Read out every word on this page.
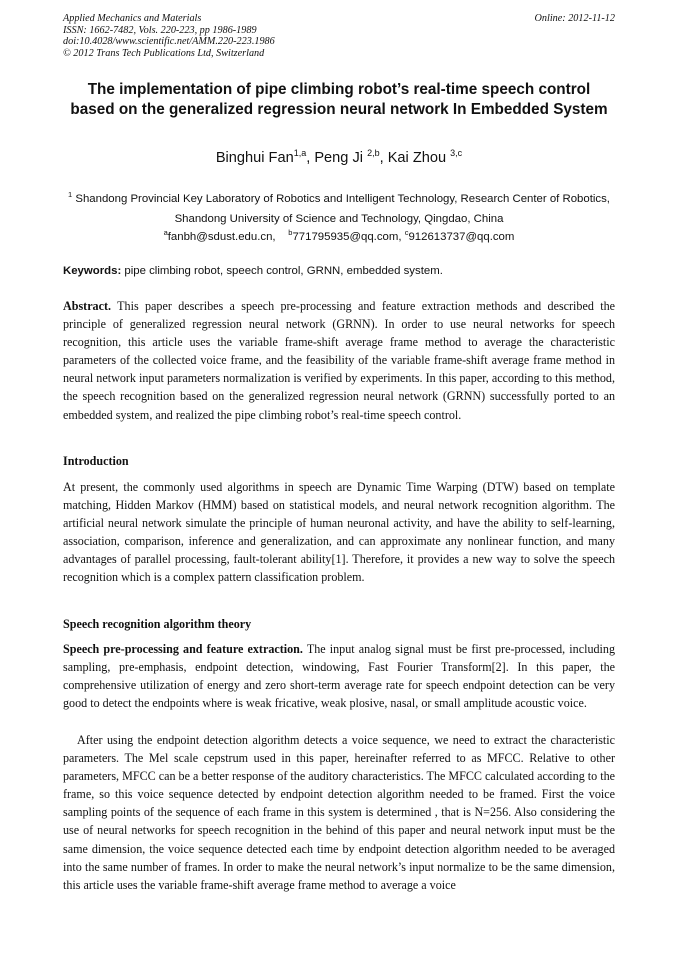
Applied Mechanics and Materials
ISSN: 1662-7482, Vols. 220-223, pp 1986-1989
doi:10.4028/www.scientific.net/AMM.220-223.1986
© 2012 Trans Tech Publications Ltd, Switzerland
Online: 2012-11-12
The implementation of pipe climbing robot’s real-time speech control based on the generalized regression neural network In Embedded System
Binghui Fan$^{1,a}$, Peng Ji $^{2,b}$, Kai Zhou $^{3,c}$
$^1$ Shandong Provincial Key Laboratory of Robotics and Intelligent Technology, Research Center of Robotics, Shandong University of Science and Technology, Qingdao, China
$^a$fanbh@sdust.edu.cn, $^b$771795935@qq.com, $^c$912613737@qq.com
Keywords: pipe climbing robot, speech control, GRNN, embedded system.
Abstract. This paper describes a speech pre-processing and feature extraction methods and described the principle of generalized regression neural network (GRNN). In order to use neural networks for speech recognition, this article uses the variable frame-shift average frame method to average the characteristic parameters of the collected voice frame, and the feasibility of the variable frame-shift average frame method in neural network input parameters normalization is verified by experiments. In this paper, according to this method, the speech recognition based on the generalized regression neural network (GRNN) successfully ported to an embedded system, and realized the pipe climbing robot’s real-time speech control.
Introduction
At present, the commonly used algorithms in speech are Dynamic Time Warping (DTW) based on template matching, Hidden Markov (HMM) based on statistical models, and neural network recognition algorithm. The artificial neural network simulate the principle of human neuronal activity, and have the ability to self-learning, association, comparison, inference and generalization, and can approximate any nonlinear function, and many advantages of parallel processing, fault-tolerant ability[1]. Therefore, it provides a new way to solve the speech recognition which is a complex pattern classification problem.
Speech recognition algorithm theory
Speech pre-processing and feature extraction. The input analog signal must be first pre-processed, including sampling, pre-emphasis, endpoint detection, windowing, Fast Fourier Transform[2]. In this paper, the comprehensive utilization of energy and zero short-term average rate for speech endpoint detection can be very good to detect the endpoints where is weak fricative, weak plosive, nasal, or small amplitude acoustic voice.
After using the endpoint detection algorithm detects a voice sequence, we need to extract the characteristic parameters. The Mel scale cepstrum used in this paper, hereinafter referred to as MFCC. Relative to other parameters, MFCC can be a better response of the auditory characteristics. The MFCC calculated according to the frame, so this voice sequence detected by endpoint detection algorithm needed to be framed. First the voice sampling points of the sequence of each frame in this system is determined , that is N=256. Also considering the use of neural networks for speech recognition in the behind of this paper and neural network input must be the same dimension, the voice sequence detected each time by endpoint detection algorithm needed to be averaged into the same number of frames. In order to make the neural network’s input normalize to be the same dimension, this article uses the variable frame-shift average frame method to average a voice
